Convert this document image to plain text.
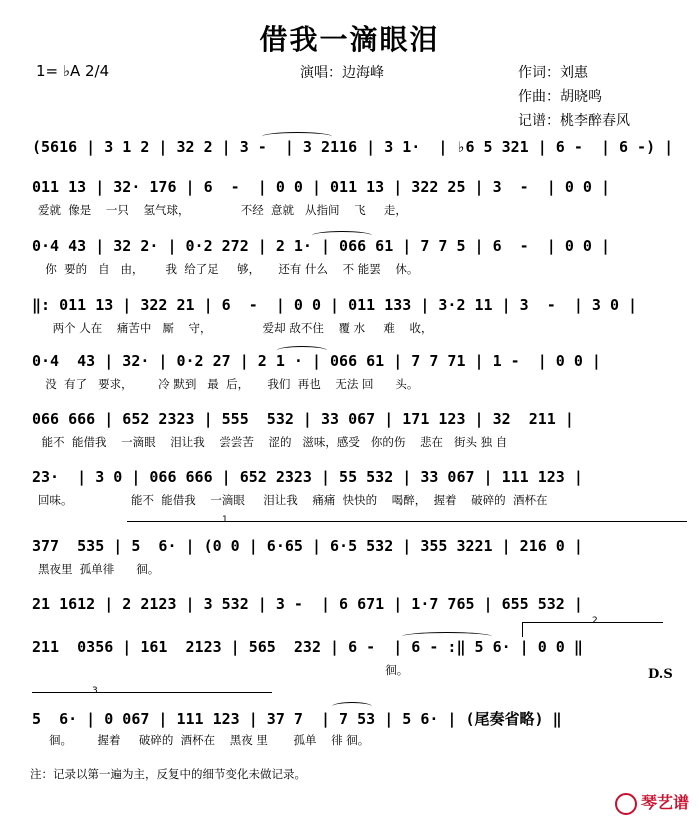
借我一滴眼泪
1= ♭A 2/4	演唱：边海峰	作词：刘惠
作曲：胡晓鸣
记谱：桃李醉春风
(5616 | 3 1 2 | 32 2 | 3 -  | 3 2116 | 3 1·  | ♭6 5 321 | 6 -  | 6 -) |
011 13 | 32· 176 | 6  -  | 0 0 | 011 13 | 322 25 | 3  -  | 0 0 |
爱就  像是    一只    氢气球，              不经  意就   从指间    飞     走，
0·4 43 | 32 2· | 0·2 272 | 2 1· | 066 61 | 7 7 5 | 6  -  | 0 0 |
你  要的   自   由，      我  给了足     够，     还有 什么    不 能罢    休。
‖: 011 13 | 322 21 | 6  -  | 0 0 | 011 133 | 3·2 11 | 3  -  | 3 0 |
两个 人在    痛苦中   厮    守，              爱却 敌不住    覆 水     难    收，
0·4  43 | 32· | 0·2 27 | 2 1 · | 066 61 | 7 7 71 | 1 -  | 0 0 |
没  有了   要求，       冷 默到   最  后，     我们  再也    无法 回      头。
066 666 | 652 2323 | 555  532 | 33 067 | 171 123 | 32  211 |
能不  能借我    一滴眼    泪让我    尝尝苦    涩的   滋味，感受   你的伤    悲在   街头 独 自
23·  | 3 0 | 066 666 | 652 2323 | 55 532 | 33 067 | 111 123 |
回味。                能不  能借我    一滴眼     泪让我    痛痛  快快的    喝醉，  握着    破碎的  酒杯在
1
377  535 | 5  6· | (0 0 | 6·65 | 6·5 532 | 355 3221 | 216 0 |
黑夜里  孤单徘      徊。
21 1612 | 2 2123 | 3 532 | 3 -  | 6 671 | 1·7 765 | 655 532 |
2
211  0356 | 161  2123 | 565  232 | 6 -  | 6 - :‖ 5 6· | 0 0 ‖
徊。	D.S
3
5  6· | 0 067 | 111 123 | 37 7  | 7 53 | 5 6· | (尾奏省略) ‖
徊。       握着     破碎的  酒杯在    黑夜 里       孤单    徘 徊。
注：记录以第一遍为主，反复中的细节变化未做记录。
琴艺谱
